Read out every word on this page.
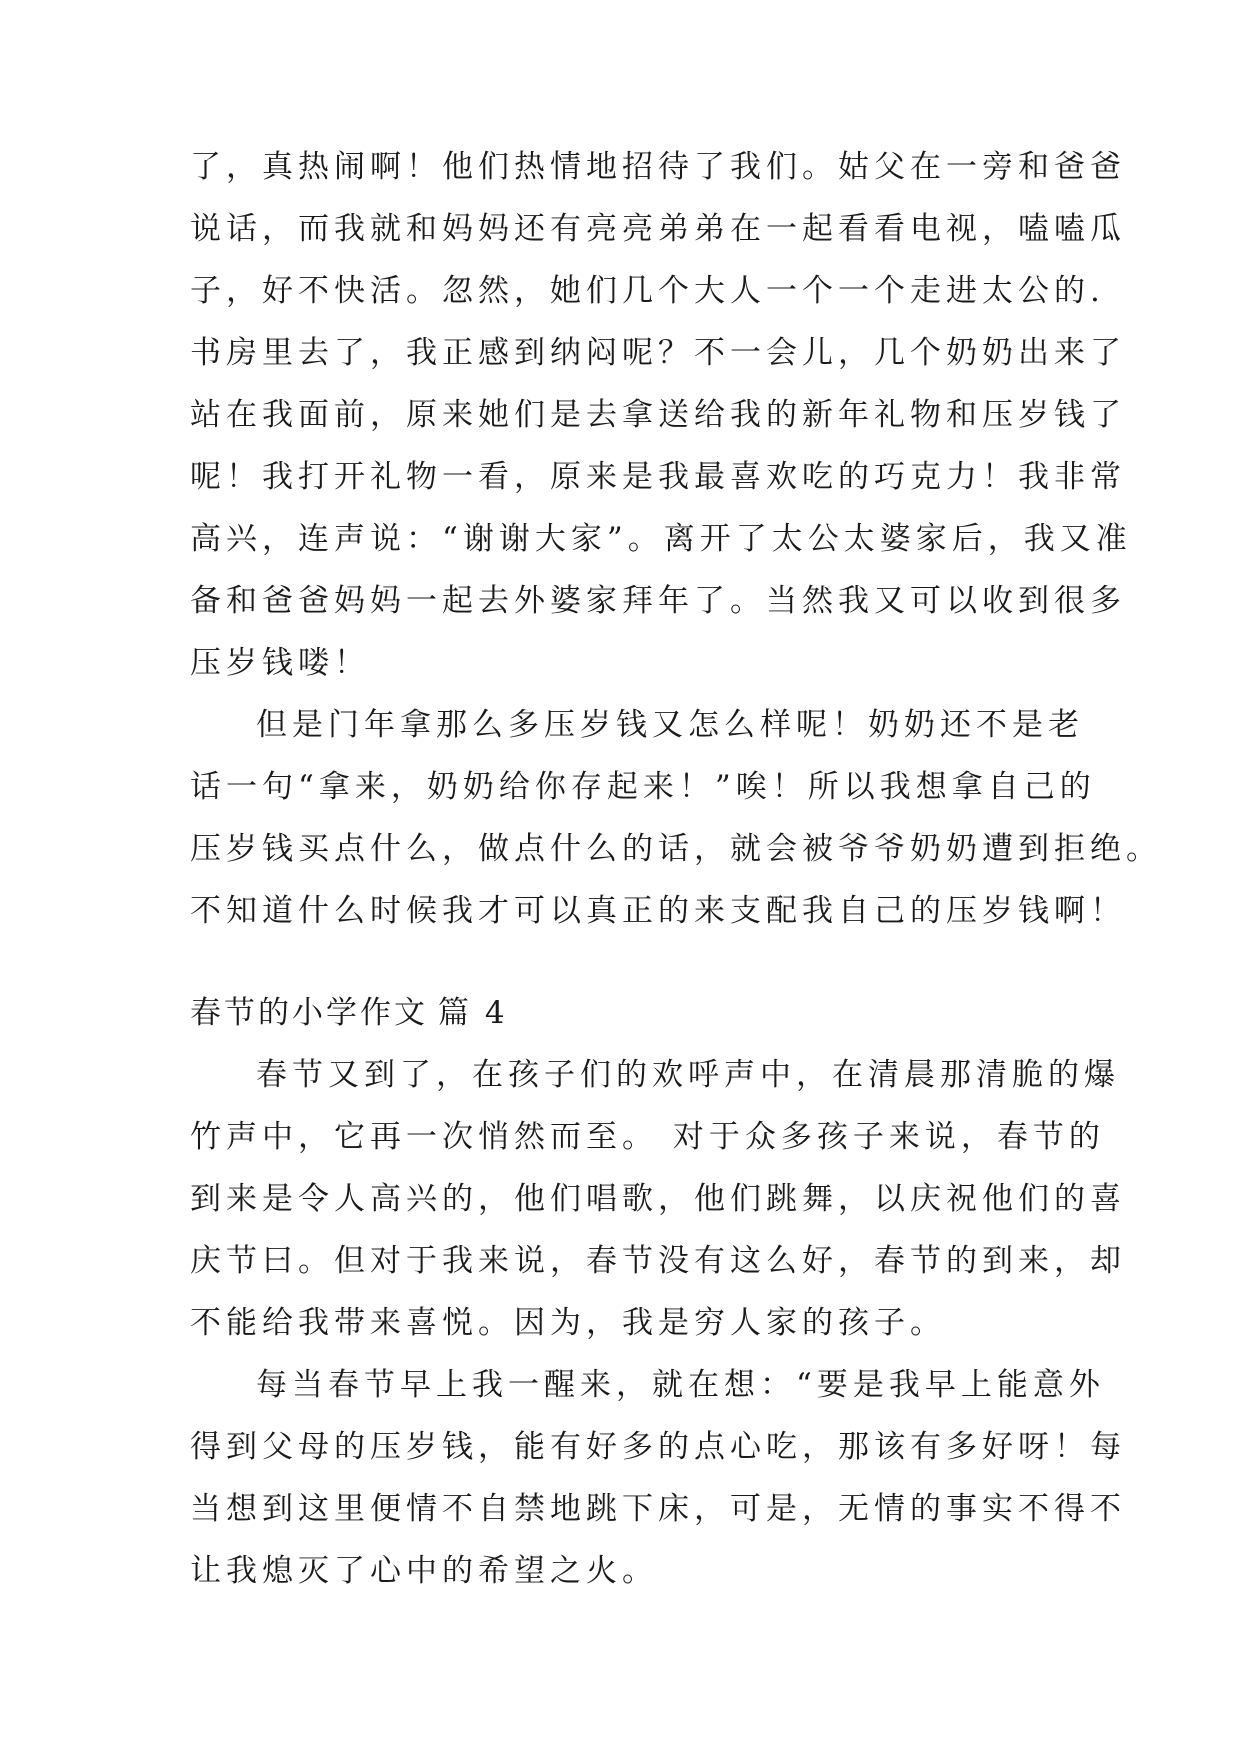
了，真热闹啊！他们热情地招待了我们。姑父在一旁和爸爸
说话，而我就和妈妈还有亮亮弟弟在一起看看电视，嗑嗑瓜
子，好不快活。忽然，她们几个大人一个一个走进太公的.
书房里去了，我正感到纳闷呢？不一会儿，几个奶奶出来了
站在我面前，原来她们是去拿送给我的新年礼物和压岁钱了
呢！我打开礼物一看，原来是我最喜欢吃的巧克力！我非常
高兴，连声说：“谢谢大家”。离开了太公太婆家后，我又准
备和爸爸妈妈一起去外婆家拜年了。当然我又可以收到很多
压岁钱喽！

但是门年拿那么多压岁钱又怎么样呢！奶奶还不是老
话一句“拿来，奶奶给你存起来！”唉！所以我想拿自己的
压岁钱买点什么，做点什么的话，就会被爷爷奶奶遭到拒绝。
不知道什么时候我才可以真正的来支配我自己的压岁钱啊！

春节的小学作文 篇 4

春节又到了，在孩子们的欢呼声中，在清晨那清脆的爆
竹声中，它再一次悄然而至。 对于众多孩子来说，春节的
到来是令人高兴的，他们唱歌，他们跳舞，以庆祝他们的喜
庆节曰。但对于我来说，春节没有这么好，春节的到来，却
不能给我带来喜悦。因为，我是穷人家的孩子。

每当春节早上我一醒来，就在想：“要是我早上能意外
得到父母的压岁钱，能有好多的点心吃，那该有多好呀！每
当想到这里便情不自禁地跳下床，可是，无情的事实不得不
让我熄灭了心中的希望之火。
